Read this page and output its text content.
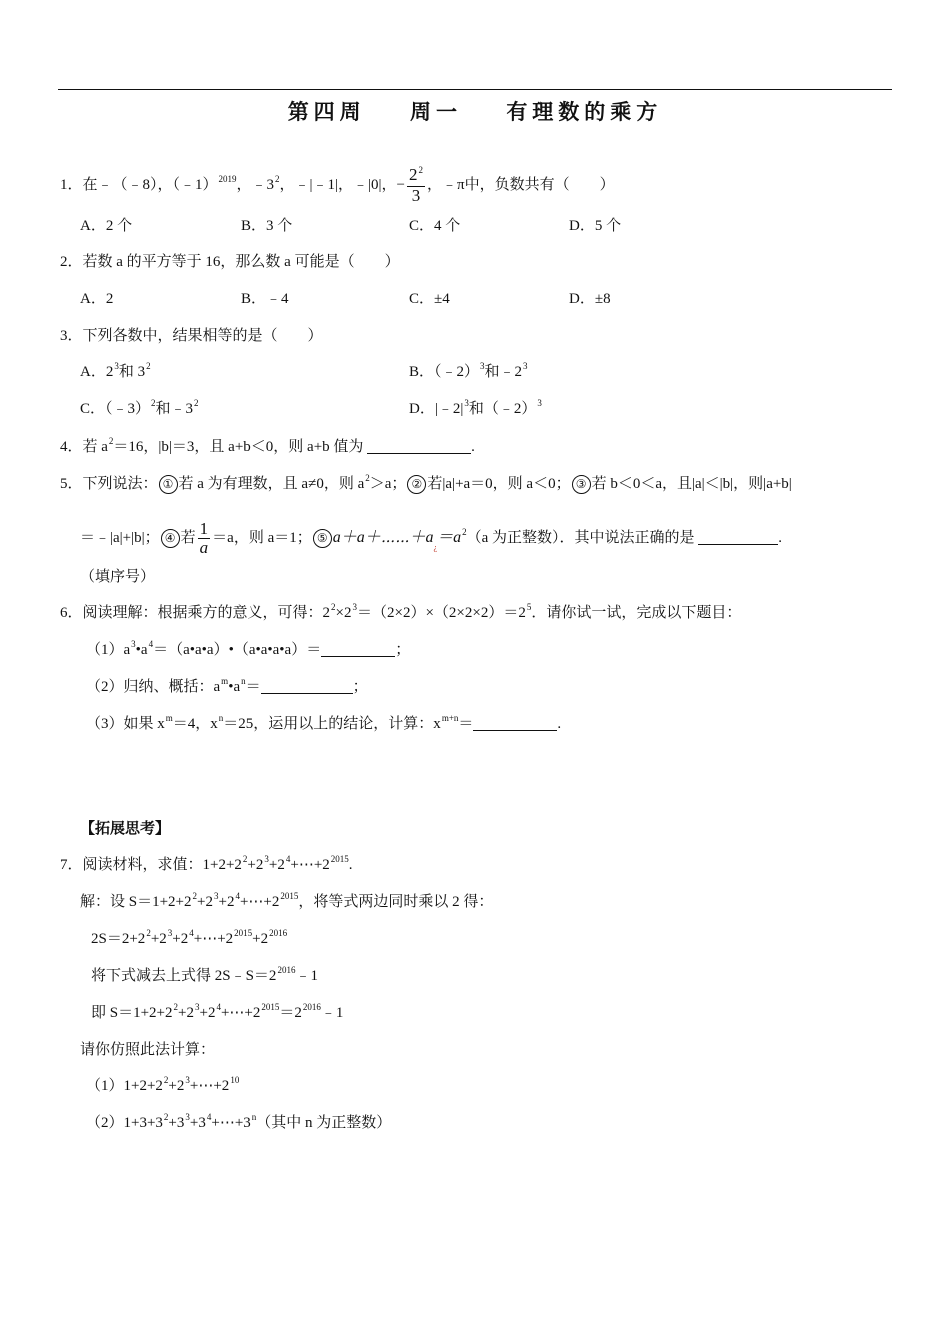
第四周 周一 有理数的乘方
1．在﹣（﹣8），（﹣1）$^{2019}$，$﹣3^2$，﹣|﹣1|，﹣|0|，− $\frac{2^2}{3}$ ，﹣π中，负数共有（　　）
A．2 个	B．3 个	C．4 个	D．5 个
2．若数 a 的平方等于 16，那么数 a 可能是（　　）
A．2	B．﹣4	C．±4	D．±8
3．下列各数中，结果相等的是（　　）
A．$2^3$和 $3^2$	B．（﹣2）$^3$和$﹣2^3$
C．（﹣3）$^2$和$﹣3^2$	D．$|﹣2|^3$和（﹣2）$^3$
4．若 $a^2=16$，|b|＝3，且 a+b＜0，则 a+b 值为	.
5．下列说法： ① 若 a 为有理数，且 a≠0，则 $a^2>a$； ② 若|a|+a＝0，则 a＜0； ③ 若 b＜0＜a，且|a|＜|b|，则|a+b|
＝﹣|a|+|b|； ④ 若 $\frac{1}{a} =a$，则 a＝1； ⑤ $a+a+\cdots\cdots+a_¿=a^2(a$ 为正整数）．其中说法正确的是	.
（填序号）
6．阅读理解：根据乘方的意义，可得：$2^2\times 2^3=(2\times 2)\times(2\times 2\times 2)=2^5$．请你试一试，完成以下题目：
$(1)a^3•a^4=(a•a•a)•(a•a•a•a)=$	；
（2）归纳、概括：$a^m•a^n=$	；
（3）如果 $x^m=4$，$x^n=25$，运用以上的结论，计算：$x^{m+n}=$	.
【拓展思考】
7．阅读材料，求值：$1+2+2^2+2^3+2^4+\cdots+2^{2015}$.
解：设 $S=1+2+2^2+2^3+2^4+\cdots+2^{2015}$，将等式两边同时乘以 2 得：
$2S=2+2^2+2^3+2^4+\cdots+2^{2015}+2^{2016}$
将下式减去上式得 $2S﹣S=2^{2016}﹣1$
即 $S=1+2+2^2+2^3+2^4+\cdots+2^{2015}=2^{2016}﹣1$
请你仿照此法计算：
$(1)1+2+2^2+2^3+\cdots+2^{10}$
$(2)1+3+3^2+3^3+3^4+\cdots+3^n$（其中 n 为正整数）
